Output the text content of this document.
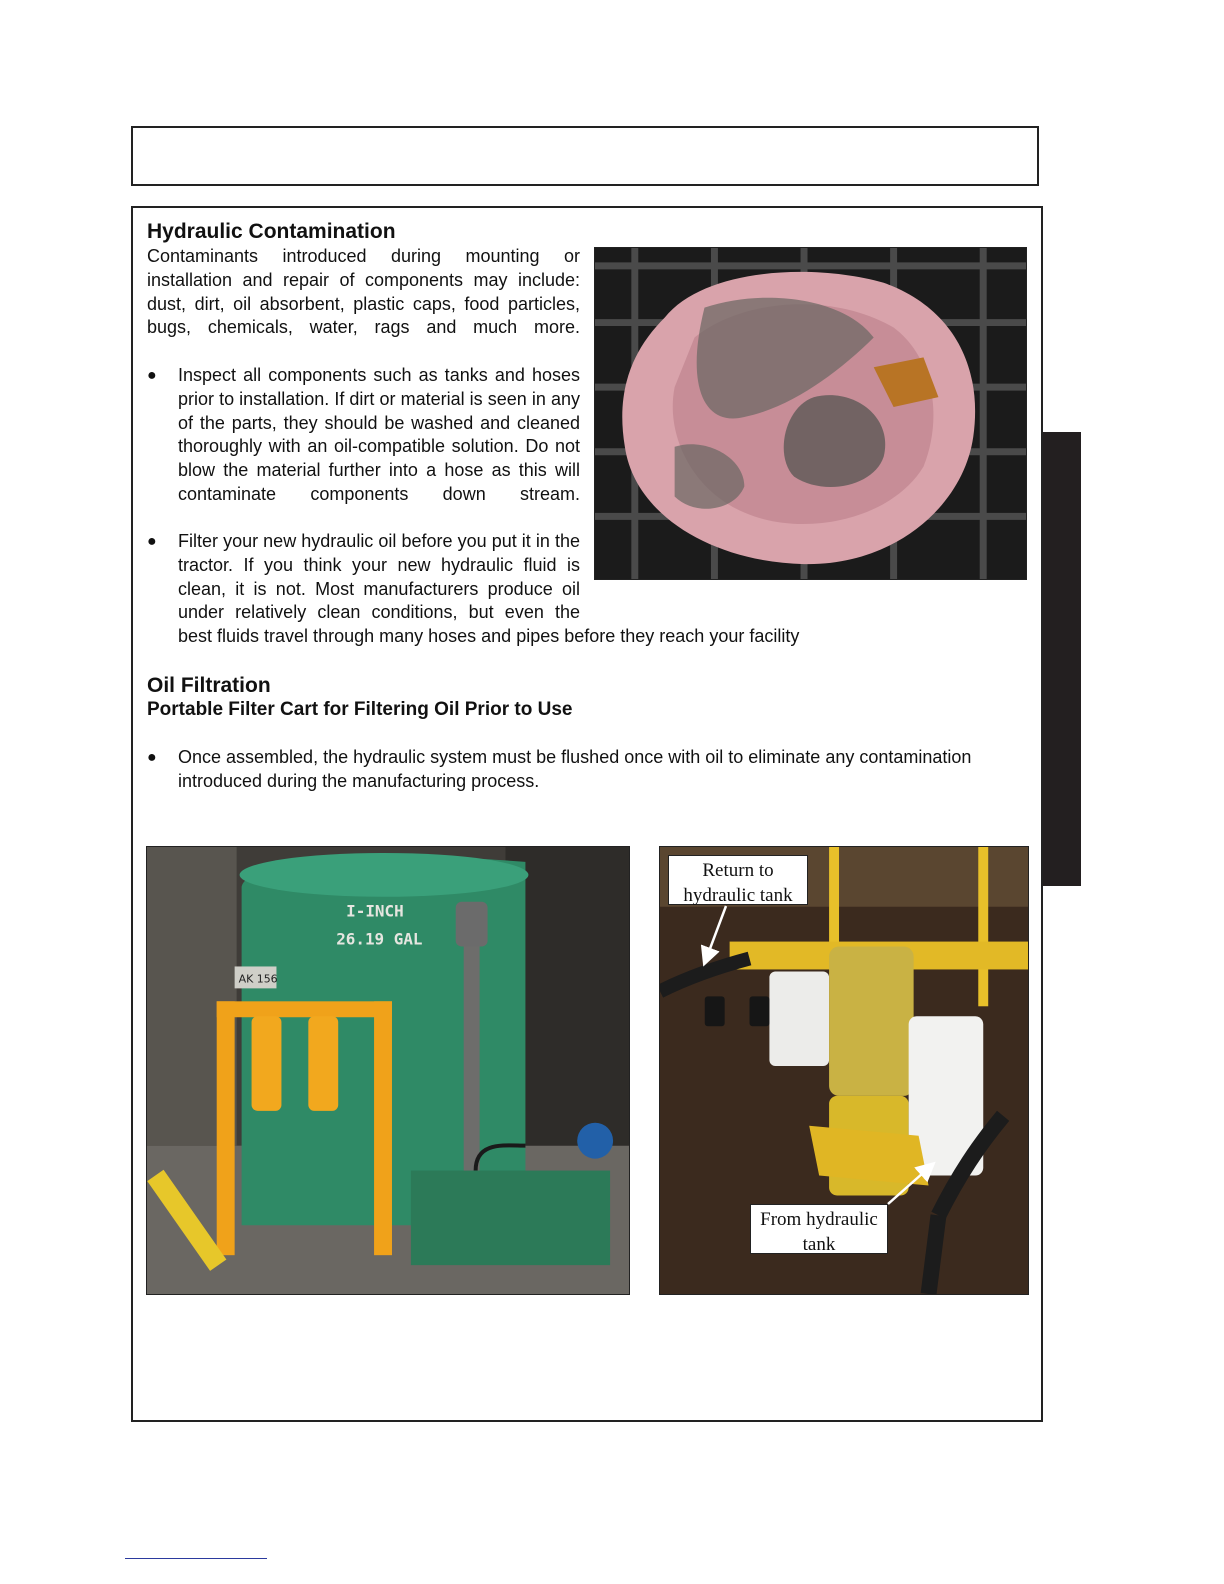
Hydraulic Contamination

Contaminants introduced during mounting or installation and repair of components may include: dust, dirt, oil absorbent, plastic caps, food particles, bugs, chemicals, water, rags and much more.

●	Inspect all components such as tanks and hoses prior to installation. If dirt or material is seen in any of the parts, they should be washed and cleaned thoroughly with an oil-compatible solution. Do not blow the material further into a hose as this will contaminate components down stream.
●	Filter your new hydraulic oil before you put it in the tractor. If you think your new hydraulic fluid is clean, it is not. Most manufacturers produce oil under relatively clean conditions, but even the
best fluids travel through many hoses and pipes before they reach your facility
Oil Filtration
Portable Filter Cart for Filtering Oil Prior to Use
●	Once assembled, the hydraulic system must be flushed once with oil to eliminate any contamination introduced during the manufacturing process.
I-INCH
26.19 GAL
AK 156
Return to hydraulic tank
From hydraulic tank
